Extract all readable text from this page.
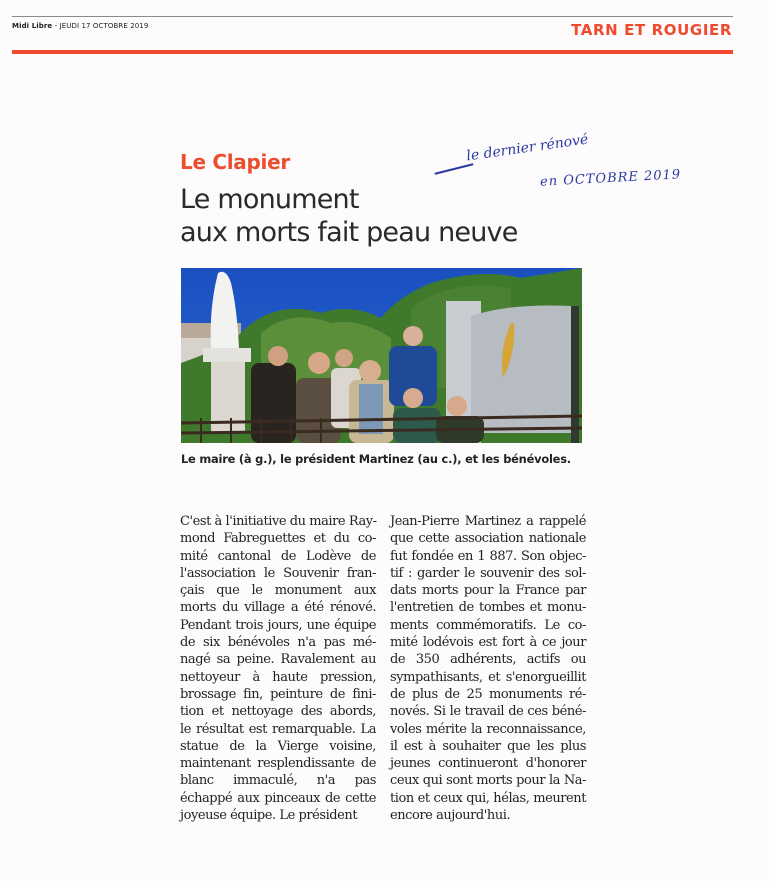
Midi Libre - JEUDI 17 OCTOBRE 2019	TARN ET ROUGIER
Le Clapier
Le monument
aux morts fait peau neuve
le dernier rénové
en OCTOBRE 2019
Le maire (à g.), le président Martinez (au c.), et les bénévoles.
C'est à l'initiative du maire Ray-
mond Fabreguettes et du co-
mité cantonal de Lodève de
l'association le Souvenir fran-
çais que le monument aux
morts du village a été rénové.
Pendant trois jours, une équipe
de six bénévoles n'a pas mé-
nagé sa peine. Ravalement au
nettoyeur à haute pression,
brossage fin, peinture de fini-
tion et nettoyage des abords,
le résultat est remarquable. La
statue de la Vierge voisine,
maintenant resplendissante de
blanc immaculé, n'a pas
échappé aux pinceaux de cette
joyeuse équipe. Le président
Jean-Pierre Martinez a rappelé
que cette association nationale
fut fondée en 1 887. Son objec-
tif : garder le souvenir des sol-
dats morts pour la France par
l'entretien de tombes et monu-
ments commémoratifs. Le co-
mité lodévois est fort à ce jour
de 350 adhérents, actifs ou
sympathisants, et s'enorgueillit
de plus de 25 monuments ré-
novés. Si le travail de ces béné-
voles mérite la reconnaissance,
il est à souhaiter que les plus
jeunes continueront d'honorer
ceux qui sont morts pour la Na-
tion et ceux qui, hélas, meurent
encore aujourd'hui.
